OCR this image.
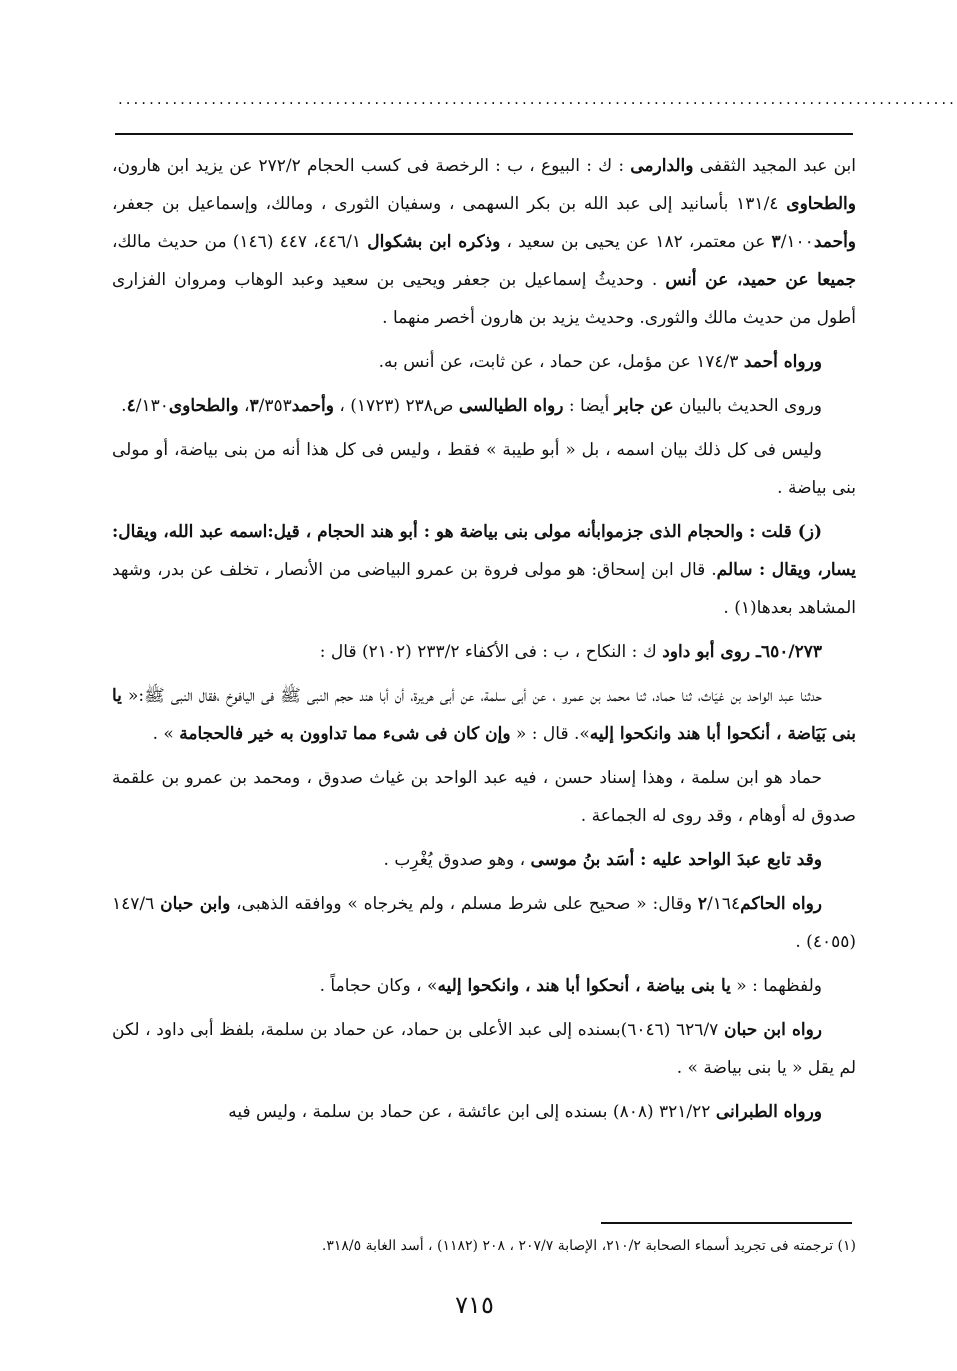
............................................................................................................

ابن عبد المجيد الثقفى والدارمى : ك : البيوع ، ب : الرخصة فى كسب الحجام ٢٧٢/٢ عن يزيد ابن هارون، والطحاوى ١٣١/٤ بأسانيد إلى عبد الله بن بكر السهمى ، وسفيان الثورى ، ومالك، وإسماعيل بن جعفر، وأحمد٣/١٠٠ عن معتمر، ١٨٢ عن يحيى بن سعيد ، وذكره ابن بشكوال ٤٤٦/١، ٤٤٧ (١٤٦) من حديث مالك، جميعا عن حميد، عن أنس . وحديثُ إسماعيل بن جعفر ويحيى بن سعيد وعبد الوهاب ومروان الفزارى أطول من حديث مالك والثورى. وحديث يزيد بن هارون أخصر منهما .

ورواه أحمد ١٧٤/٣ عن مؤمل، عن حماد ، عن ثابت، عن أنس به.

وروى الحديث بالبيان عن جابر أيضا : رواه الطيالسى ص٢٣٨ (١٧٢٣) ، وأحمد٣/٣٥٣، والطحاوى٤/١٣٠.

وليس فى كل ذلك بيان اسمه ، بل « أبو طيبة » فقط ، وليس فى كل هذا أنه من بنى بياضة، أو مولى بنى بياضة .

(ز) قلت : والحجام الذى جزموابأنه مولى بنى بياضة هو : أبو هند الحجام ، قيل:اسمه عبد الله، ويقال: يسار، ويقال : سالم. قال ابن إسحاق: هو مولى فروة بن عمرو البياضى من الأنصار ، تخلف عن بدر، وشهد المشاهد بعدها(١) .

٦٥٠/٢٧٣ـ روى أبو داود ك : النكاح ، ب : فى الأكفاء ٢٣٣/٢ (٢١٠٢) قال :

حدثنا عبد الواحد بن غيَاث، ثنا حماد، ثنا محمد بن عمرو ، عن أبى سلمة، عن أبى هريرة، أن أبا هند حجم النبى ﷺ فى اليافوخ ،فقال النبى ﷺ:« يا بنى بَيَاضة ، أنكحوا أبا هند وانكحوا إليه». قال : « وإن كان فى شىء مما تداوون به خير فالحجامة » .

حماد هو ابن سلمة ، وهذا إسناد حسن ، فيه عبد الواحد بن غياث صدوق ، ومحمد بن عمرو بن علقمة صدوق له أوهام ، وقد روى له الجماعة .

وقد تابع عبدَ الواحد عليه : أسَد بنُ موسى ، وهو صدوق يُغْرِب .

رواه الحاكم٢/١٦٤ وقال: « صحيح على شرط مسلم ، ولم يخرجاه » ووافقه الذهبى، وابن حبان ١٤٧/٦ (٤٠٥٥) .

ولفظهما : « يا بنى بياضة ، أنحكوا أبا هند ، وانكحوا إليه» ، وكان حجاماً .

رواه ابن حبان ٦٢٦/٧ (٦٠٤٦)بسنده إلى عبد الأعلى بن حماد، عن حماد بن سلمة، بلفظ أبى داود ، لكن لم يقل « يا بنى بياضة » .

ورواه الطبرانى ٣٢١/٢٢ (٨٠٨) بسنده إلى ابن عائشة ، عن حماد بن سلمة ، وليس فيه

(١) ترجمته فى تجريد أسماء الصحابة ٢١٠/٢، الإصابة ٢٠٧/٧ ، ٢٠٨ (١١٨٢) ، أسد الغابة ٣١٨/٥.
٧١٥
